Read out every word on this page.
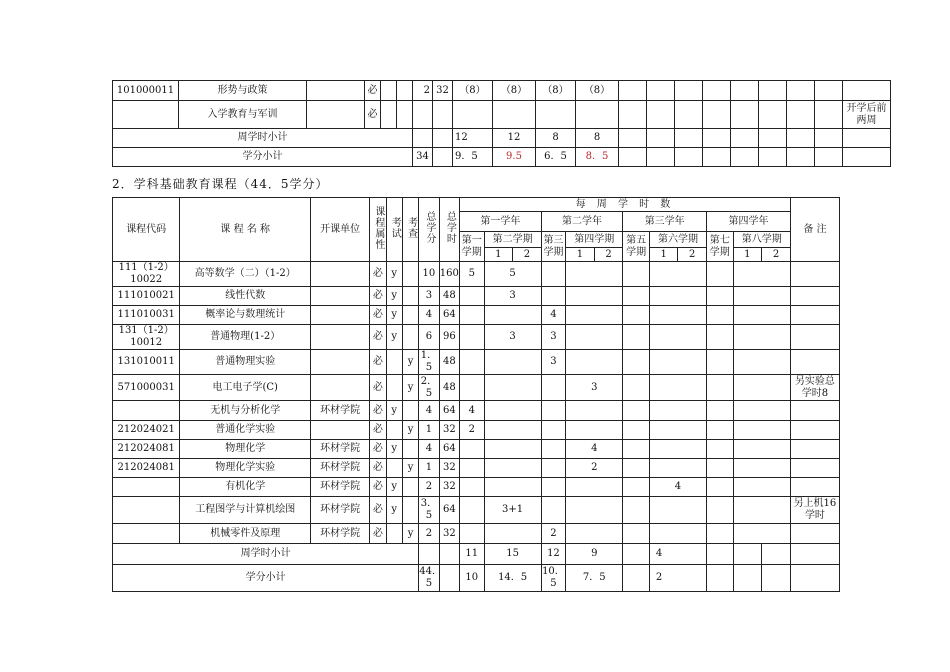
101000011	形势与政策		必			2	32	（8）	（8）	（8）	（8）									
	入学教育与军训		必																	开学后前两周
周学时小计								12	12	8	8									
学分小计						34		9．5	9.5	6．5	8．5									
2．学科基础教育课程（44．5学分）
课程代码	课 程 名 称	开课单位	课程属性	考试	考查	总学分	总学时	每 周 学 时 数												备 注
								第一学年			第二学年			第三学年			第四学年			
								第一学期	第二学期		第三学期	第四学期		第五学期	第六学期		第七学期	第八学期		
									1	2		1	2		1	2		1	2	
111（1-2）10022	高等数学（二）（1-2）		必	y		10	160	5	5											
111010021	线性代数		必	y		3	48		3											
111010031	概率论与数理统计		必	y		4	64				4									
131（1-2）10012	普通物理(1-2）		必	y		6	96		3		3									
131010011	普通物理实验		必		y	1．5	48				3									
571000031	电工电子学(C)		必		y	2．5	48					3								另实验总学时8
	无机与分析化学	环材学院	必	y		4	64	4												
212024021	普通化学实验		必		y	1	32	2												
212024081	物理化学	环材学院	必	y		4	64					4								
212024081	物理化学实验	环材学院	必		y	1	32					2								
	有机化学	环材学院	必	y		2	32								4					
	工程图学与计算机绘图	环材学院	必	y		3．5	64		3+1											另上机16学时
	机械零件及原理	环材学院	必		y	2	32				2									
周学时小计								11	15		12	9			4					
学分小计						44．5		10	14．5		10．5	7．5			2					
